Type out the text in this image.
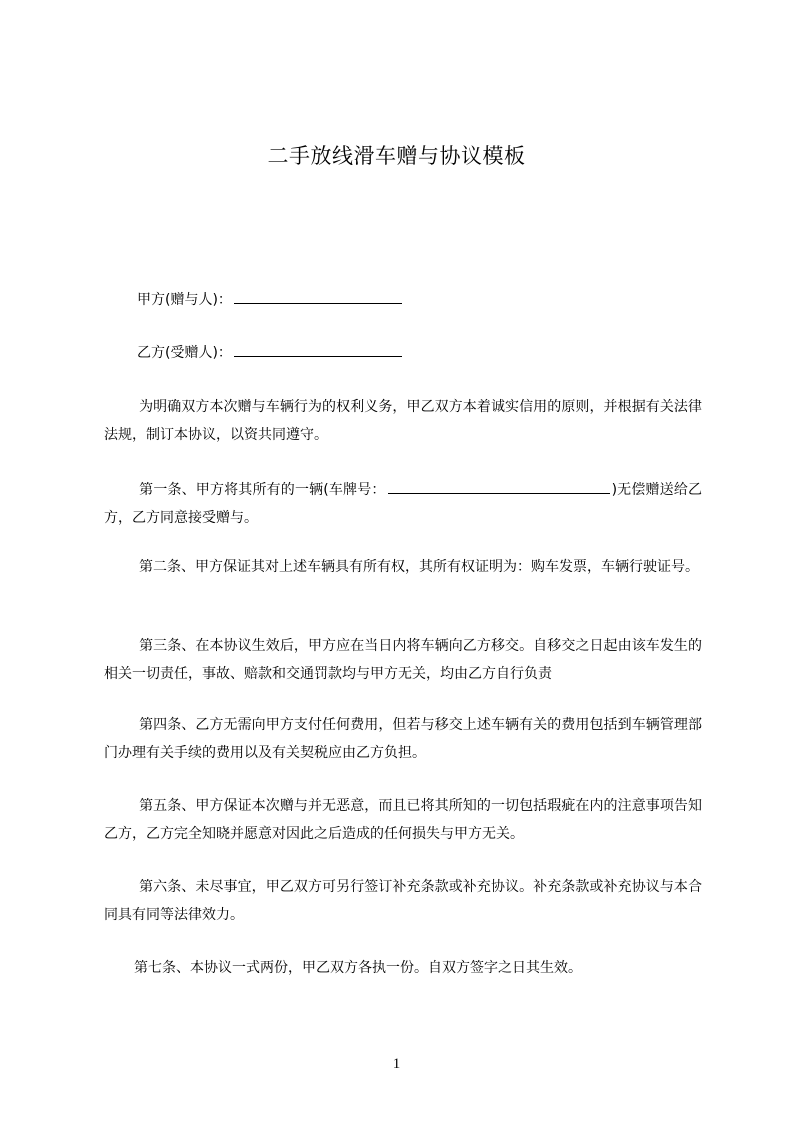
二手放线滑车赠与协议模板
甲方(赠与人)：
乙方(受赠人)：
为明确双方本次赠与车辆行为的权利义务，甲乙双方本着诚实信用的原则，并根据有关法律法规，制订本协议，以资共同遵守。
第一条、甲方将其所有的一辆(车牌号：	)无偿赠送给乙方，乙方同意接受赠与。
第二条、甲方保证其对上述车辆具有所有权，其所有权证明为：购车发票，车辆行驶证号。
第三条、在本协议生效后，甲方应在当日内将车辆向乙方移交。自移交之日起由该车发生的相关一切责任，事故、赔款和交通罚款均与甲方无关，均由乙方自行负责
第四条、乙方无需向甲方支付任何费用，但若与移交上述车辆有关的费用包括到车辆管理部门办理有关手续的费用以及有关契税应由乙方负担。
第五条、甲方保证本次赠与并无恶意，而且已将其所知的一切包括瑕疵在内的注意事项告知乙方，乙方完全知晓并愿意对因此之后造成的任何损失与甲方无关。
第六条、未尽事宜，甲乙双方可另行签订补充条款或补充协议。补充条款或补充协议与本合同具有同等法律效力。
第七条、本协议一式两份，甲乙双方各执一份。自双方签字之日其生效。
1
